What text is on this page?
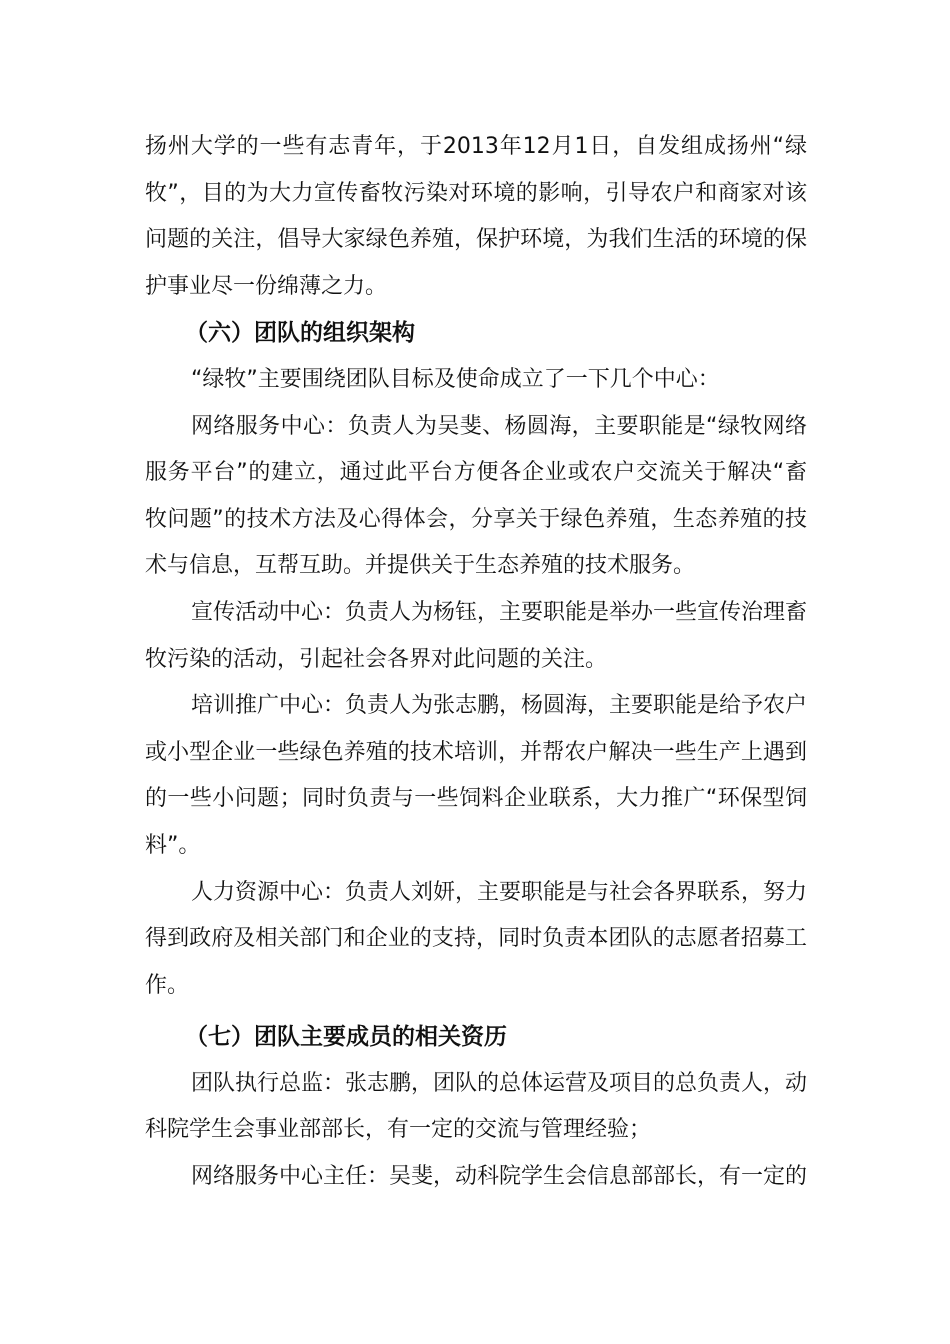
扬州大学的一些有志青年，于2013年12月1日，自发组成扬州“绿
牧”，目的为大力宣传畜牧污染对环境的影响，引导农户和商家对该
问题的关注，倡导大家绿色养殖，保护环境，为我们生活的环境的保
护事业尽一份绵薄之力。
（六）团队的组织架构
“绿牧”主要围绕团队目标及使命成立了一下几个中心：
网络服务中心：负责人为吴斐、杨圆海，主要职能是“绿牧网络
服务平台”的建立，通过此平台方便各企业或农户交流关于解决“畜
牧问题”的技术方法及心得体会，分享关于绿色养殖，生态养殖的技
术与信息，互帮互助。并提供关于生态养殖的技术服务。
宣传活动中心：负责人为杨钰，主要职能是举办一些宣传治理畜
牧污染的活动，引起社会各界对此问题的关注。
培训推广中心：负责人为张志鹏，杨圆海，主要职能是给予农户
或小型企业一些绿色养殖的技术培训，并帮农户解决一些生产上遇到
的一些小问题；同时负责与一些饲料企业联系，大力推广“环保型饲
料”。
人力资源中心：负责人刘妍，主要职能是与社会各界联系，努力
得到政府及相关部门和企业的支持，同时负责本团队的志愿者招募工
作。
（七）团队主要成员的相关资历
团队执行总监：张志鹏，团队的总体运营及项目的总负责人，动
科院学生会事业部部长，有一定的交流与管理经验；
网络服务中心主任：吴斐，动科院学生会信息部部长，有一定的
